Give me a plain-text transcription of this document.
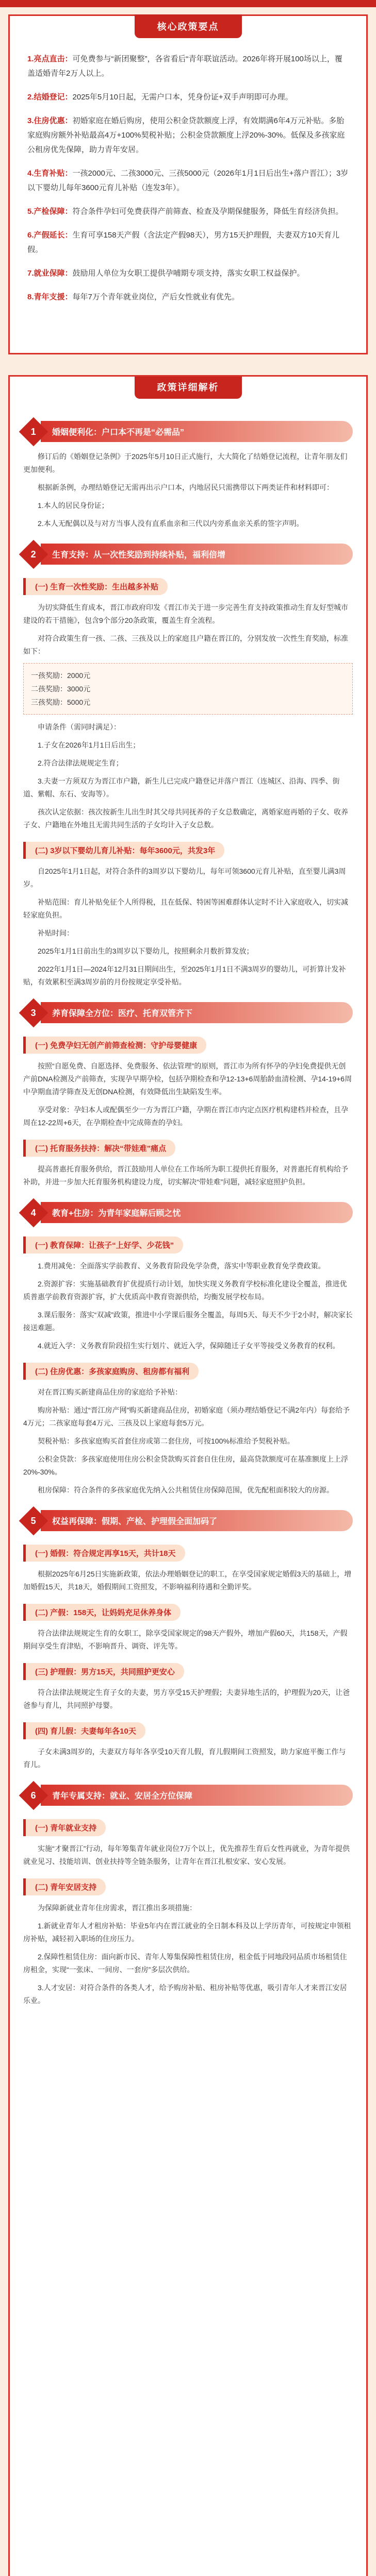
核心政策要点
1.亮点直击：可免费参与“新团聚整”，各省看后“青年联谊活动。2026年将开展100场以上，覆盖适婚青年2万人以上。
2.结婚登记：2025年5月10日起，无需户口本，凭身份证+双手声明即可办理。
3.住房优惠：初婚家庭在婚后购房，使用公积金贷款额度上浮，有效期满6年4万元补贴。多胎家庭购房额外补贴最高4万+100%契税补贴；公积金贷款额度上浮20%-30%。低保及多孩家庭公租房优先保障，助力青年安居。
4.生育补贴：一孩2000元、二孩3000元、三孩5000元（2026年1月1日后出生+落户晋江）；3岁以下婴幼儿每年3600元育儿补贴（连发3年）。
5.产检保障：符合条件孕妇可免费获得产前筛查、检查及孕期保健服务，降低生育经济负担。
6.产假延长：生育可享158天产假（含法定产假98天），男方15天护理假，夫妻双方10天育儿假。
7.就业保障：鼓励用人单位为女职工提供孕哺期专项支持，落实女职工权益保护。
8.青年支援：每年7万个青年就业岗位，产后女性就业有优先。
政策详细解析
1	婚姻便利化：户口本不再是“必需品”

修订后的《婚姻登记条例》于2025年5月10日正式施行，大大简化了结婚登记流程，让青年朋友们更加便利。

根据新条例，办理结婚登记无需再出示户口本，内地居民只需携带以下两类证件和材料即可：

1.本人的居民身份证；

2.本人无配偶以及与对方当事人没有直系血亲和三代以内旁系血亲关系的签字声明。

2	生育支持：从一次性奖励到持续补贴，福利倍增
(一) 生育一次性奖励：生出越多补贴

为切实降低生育成本，晋江市政府印发《晋江市关于进一步完善生育支持政策推动生育友好型城市建设的若干措施》，包含9个部分20条政策，覆盖生育全流程。

对符合政策生育一孩、二孩、三孩及以上的家庭且户籍在晋江的，分别发放一次性生育奖励，标准如下：

一孩奖励：2000元
二孩奖励：3000元
三孩奖励：5000元

申请条件（需同时满足）：

1.子女在2026年1月1日后出生；

2.符合法律法规规定生育；

3.夫妻一方须双方为晋江市户籍，新生儿已完成户籍登记并落户晋江（连城区、沿海、四季、街道、紫帽、东石、安海等）。

孩次认定依据：孩次按新生儿出生时其父母共同抚养的子女总数确定，离婚家庭再婚的子女、收养子女、户籍地在外地且无需共同生活的子女均计入子女总数。

(二) 3岁以下婴幼儿育儿补贴：每年3600元，共发3年

自2025年1月1日起，对符合条件的3周岁以下婴幼儿，每年可领3600元育儿补贴，直至婴儿满3周岁。

补贴范围：育儿补贴免征个人所得税，且在低保、特困等困难群体认定时不计入家庭收入，切实减轻家庭负担。

补贴时间：

2025年1月1日前出生的3周岁以下婴幼儿，按照剩余月数折算发放；

2022年1月1日—2024年12月31日期间出生，至2025年1月1日不满3周岁的婴幼儿，可折算计发补贴，有效累积至满3周岁前的月份按规定享受补贴。

3	养育保障全方位：医疗、托育双管齐下
(一) 免费孕妇无创产前筛查检测：守护母婴健康

按照“自愿免费、自愿选择、免费服务、依法管理”的原则，晋江市为所有怀孕的孕妇免费提供无创产前DNA检测及产前筛查，实现孕早期孕检，包括孕期检查和孕12-13+6周胎龄血清检测、孕14-19+6周中孕期血清学筛查及无创DNA检测，有效降低出生缺陷发生率。

享受对象：孕妇本人或配偶至少一方为晋江户籍，孕期在晋江市内定点医疗机构建档并检查，且孕周在12-22周+6天，在孕期检查中完成筛查的孕妇。

(二) 托育服务扶持：解决“带娃难”痛点

提高普惠托育服务供给，晋江鼓励用人单位在工作场所为职工提供托育服务，对普惠托育机构给予补助，并进一步加大托育服务机构建设力度，切实解决“带娃难”问题，减轻家庭照护负担。

4	教育+住房：为青年家庭解后顾之忧
(一) 教育保障：让孩子“上好学、少花钱”

1.费用减免：全面落实学前教育、义务教育阶段免学杂费，落实中等职业教育免学费政策。

2.资源扩容：实施基础教育扩优提质行动计划，加快实现义务教育学校标准化建设全覆盖，推进优质普惠学前教育资源扩容，扩大优质高中教育资源供给，均衡发展学校布局。

3.课后服务：落实“双减”政策，推进中小学课后服务全覆盖，每周5天、每天不少于2小时，解决家长接送难题。

4.就近入学：义务教育阶段招生实行划片、就近入学，保障随迁子女平等接受义务教育的权利。

(二) 住房优惠：多孩家庭购房、租房都有福利

对在晋江购买新建商品住房的家庭给予补贴：

购房补贴：通过“晋江房产网”购买新建商品住房，初婚家庭（须办理结婚登记不满2年内）每套给予4万元；二孩家庭每套4万元、三孩及以上家庭每套5万元。

契税补贴：多孩家庭购买首套住房或第二套住房，可按100%标准给予契税补贴。

公积金贷款：多孩家庭使用住房公积金贷款购买首套自住住房，最高贷款额度可在基准额度上上浮20%-30%。

租房保障：符合条件的多孩家庭优先纳入公共租赁住房保障范围，优先配租面积较大的房源。

5	权益再保障：假期、产检、护理假全面加码了
(一) 婚假：符合规定再享15天，共计18天

根据2025年6月25日实施新政策，依法办理婚姻登记的职工，在享受国家规定婚假3天的基础上，增加婚假15天，共18天，婚假期间工资照发，不影响福利待遇和全勤评奖。

(二) 产假：158天，让妈妈充足休养身体

符合法律法规规定生育的女职工，除享受国家规定的98天产假外，增加产假60天，共158天，产假期间享受生育津贴，不影响晋升、调资、评先等。

(三) 护理假：男方15天，共同照护更安心

符合法律法规规定生育子女的夫妻，男方享受15天护理假；夫妻异地生活的，护理假为20天，让爸爸参与育儿，共同照护母婴。

(四) 育儿假：夫妻每年各10天

子女未满3周岁的，夫妻双方每年各享受10天育儿假，育儿假期间工资照发，助力家庭平衡工作与育儿。

6	青年专属支持：就业、安居全方位保障
(一) 青年就业支持

实施“才聚晋江”行动，每年筹集青年就业岗位7万个以上，优先推荐生育后女性再就业，为青年提供就业见习、技能培训、创业扶持等全链条服务，让青年在晋江扎根安家、安心发展。

(二) 青年安居支持

为保障新就业青年住房需求，晋江推出多项措施：

1.新就业青年人才租房补贴：毕业5年内在晋江就业的全日制本科及以上学历青年，可按规定申领租房补贴，减轻初入职场的住房压力。

2.保障性租赁住房：面向新市民、青年人筹集保障性租赁住房，租金低于同地段同品质市场租赁住房租金，实现“一张床、一间房、一套房”多层次供给。

3.人才安居：对符合条件的各类人才，给予购房补贴、租房补贴等优惠，吸引青年人才来晋江安居乐业。
